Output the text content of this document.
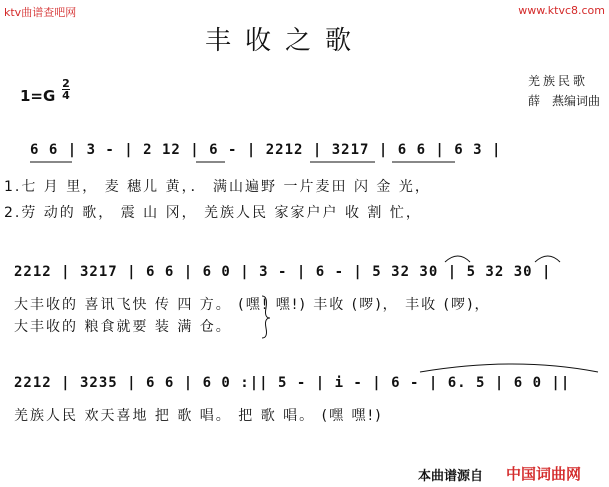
ktv曲谱查吧网	www.ktvc8.com
丰收之歌
羌族民歌
薛　燕编词曲
1=G
2
4
6 6 | 3 - | 2 12 | 6 - | 2212 | 3217 | 6 6 | 6 3 |
1.七 月 里， 麦 穗儿 黄，． 满山遍野 一片麦田 闪 金 光，
2.劳 动的 歌， 震 山 冈， 羌族人民 家家户户 收 割 忙，
2212 | 3217 | 6 6 | 6 0 | 3 - | 6 - | 5 32 30 | 5 32 30 |
大丰收的 喜讯飞快 传 四 方。 (嘿! 嘿!) 丰收 (啰)， 丰收 (啰)，
大丰收的 粮食就要 装 满 仓。
2212 | 3235 | 6 6 | 6 0 :|| 5 - | i - | 6 - | 6. 5 | 6 0 ||
羌族人民 欢天喜地 把 歌 唱。 把 歌 唱。 (嘿 嘿!)
本曲谱源自 中国词曲网
